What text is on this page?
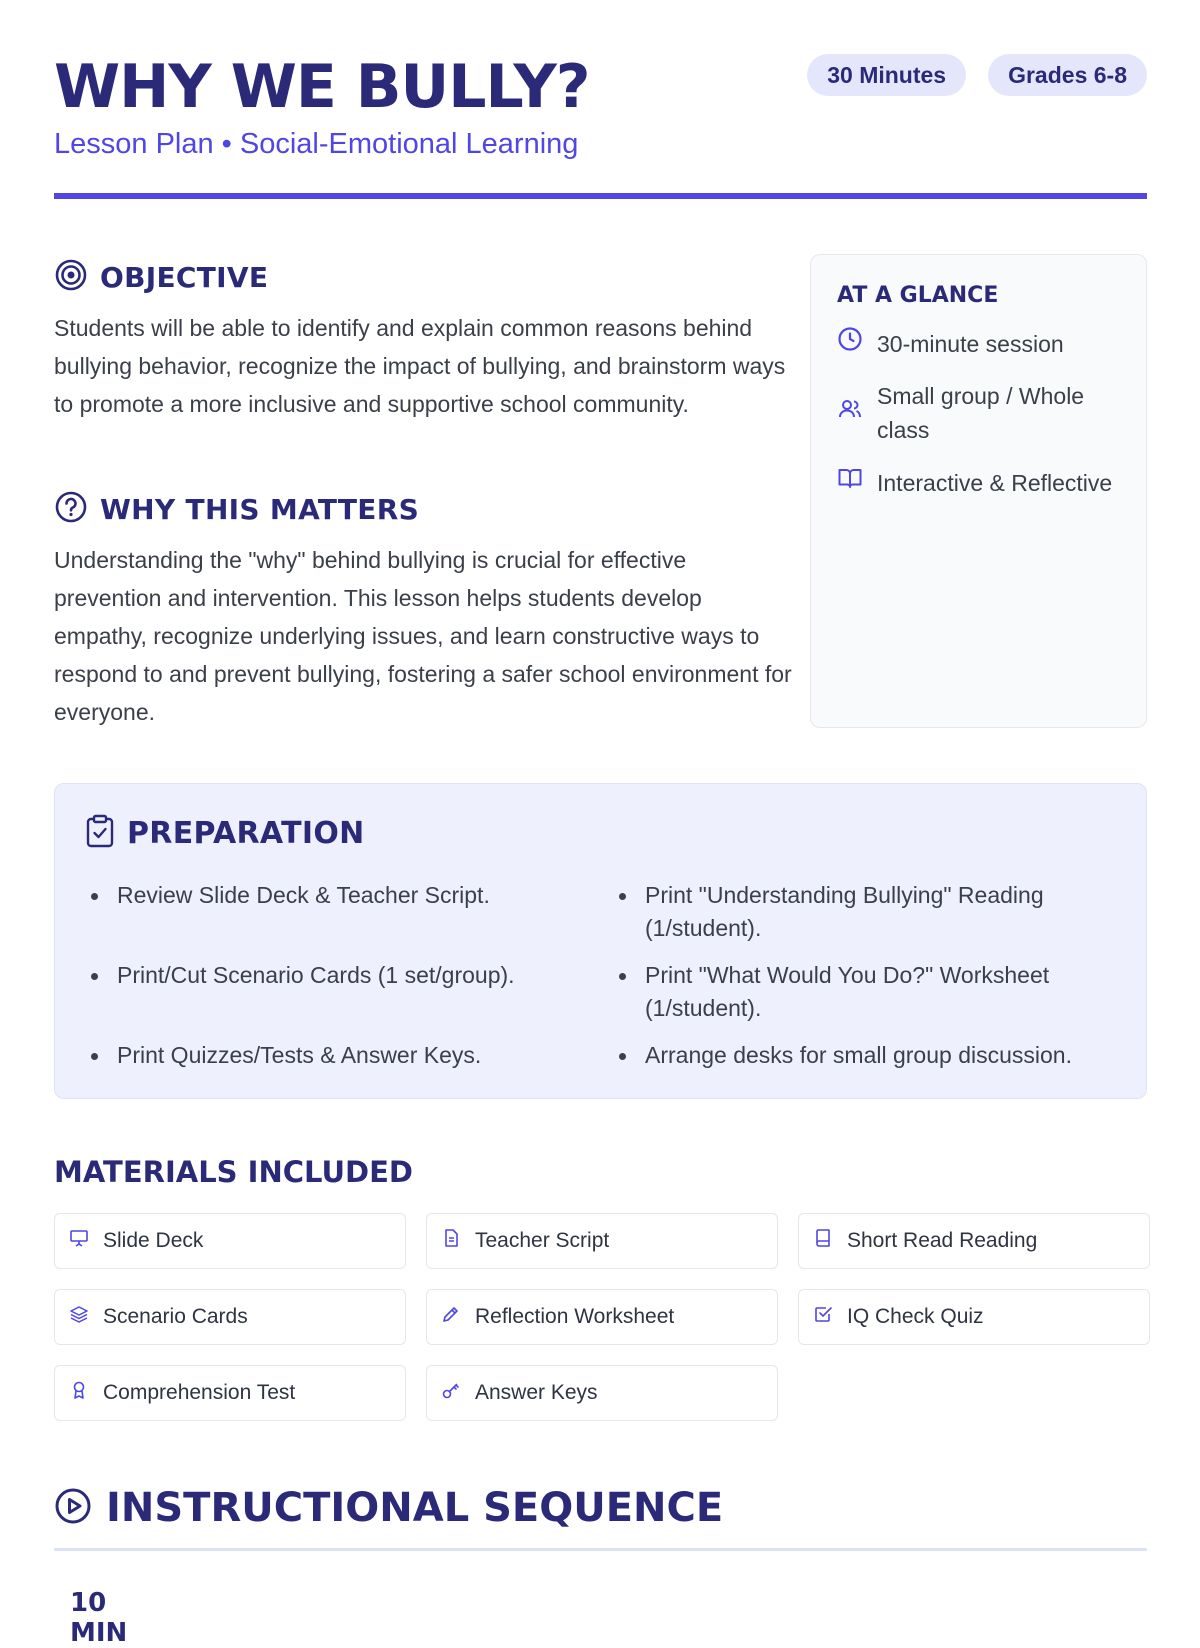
WHY WE BULLY?
Lesson Plan • Social-Emotional Learning
30 Minutes	Grades 6-8
OBJECTIVE
Students will be able to identify and explain common reasons behind bullying behavior, recognize the impact of bullying, and brainstorm ways to promote a more inclusive and supportive school community.
WHY THIS MATTERS
Understanding the "why" behind bullying is crucial for effective prevention and intervention. This lesson helps students develop empathy, recognize underlying issues, and learn constructive ways to respond to and prevent bullying, fostering a safer school environment for everyone.
AT A GLANCE
30-minute session
Small group / Whole class
Interactive & Reflective
PREPARATION
Review Slide Deck & Teacher Script.	Print "Understanding Bullying" Reading (1/student).
Print/Cut Scenario Cards (1 set/group).	Print "What Would You Do?" Worksheet (1/student).
Print Quizzes/Tests & Answer Keys.	Arrange desks for small group discussion.
MATERIALS INCLUDED
Slide Deck	Teacher Script	Short Read Reading
Scenario Cards	Reflection Worksheet	IQ Check Quiz
Comprehension Test	Answer Keys
INSTRUCTIONAL SEQUENCE
10 MIN
